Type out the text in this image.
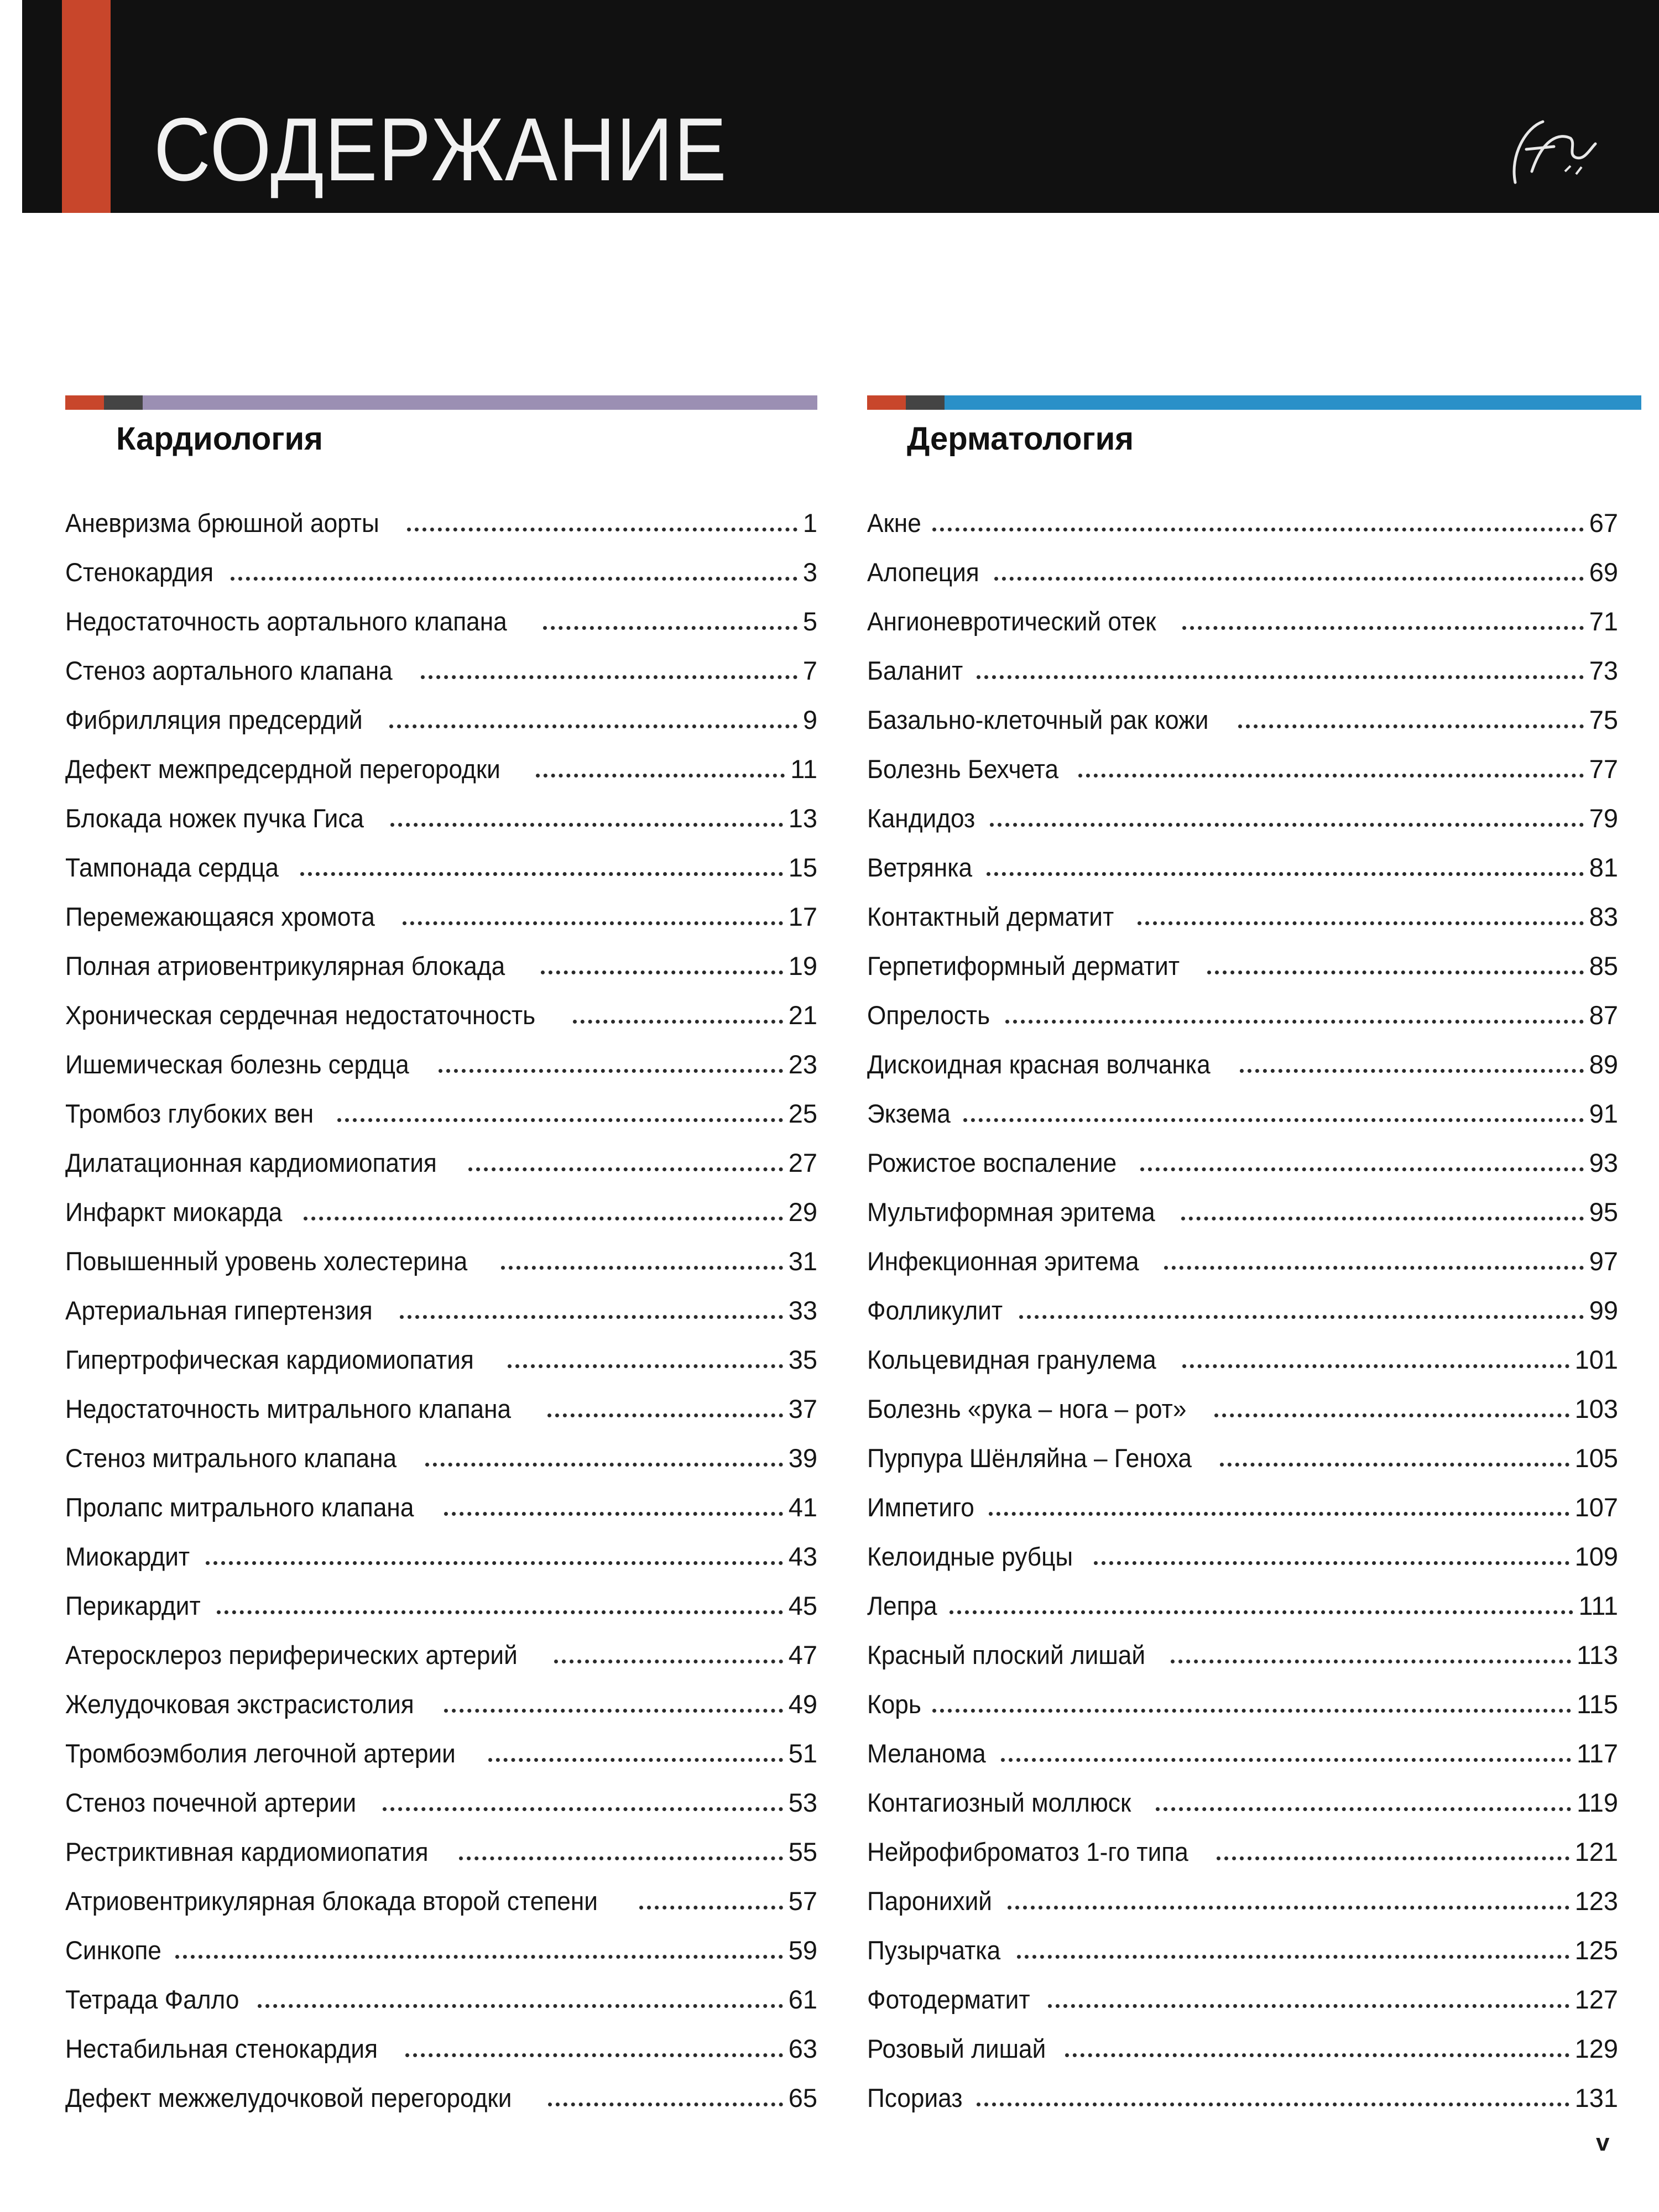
СОДЕРЖАНИЕ
Кардиология
Аневризма брюшной аорты	1
Стенокардия	3
Недостаточность аортального клапана	5
Стеноз аортального клапана	7
Фибрилляция предсердий	9
Дефект межпредсердной перегородки	11
Блокада ножек пучка Гиса	13
Тампонада сердца	15
Перемежающаяся хромота	17
Полная атриовентрикулярная блокада	19
Хроническая сердечная недостаточность	21
Ишемическая болезнь сердца	23
Тромбоз глубоких вен	25
Дилатационная кардиомиопатия	27
Инфаркт миокарда	29
Повышенный уровень холестерина	31
Артериальная гипертензия	33
Гипертрофическая кардиомиопатия	35
Недостаточность митрального клапана	37
Стеноз митрального клапана	39
Пролапс митрального клапана	41
Миокардит	43
Перикардит	45
Атеросклероз периферических артерий	47
Желудочковая экстрасистолия	49
Тромбоэмболия легочной артерии	51
Стеноз почечной артерии	53
Рестриктивная кардиомиопатия	55
Атриовентрикулярная блокада второй степени	57
Синкопе	59
Тетрада Фалло	61
Нестабильная стенокардия	63
Дефект межжелудочковой перегородки	65
Дерматология
Акне	67
Алопеция	69
Ангионевротический отек	71
Баланит	73
Базально-клеточный рак кожи	75
Болезнь Бехчета	77
Кандидоз	79
Ветрянка	81
Контактный дерматит	83
Герпетиформный дерматит	85
Опрелость	87
Дискоидная красная волчанка	89
Экзема	91
Рожистое воспаление	93
Мультиформная эритема	95
Инфекционная эритема	97
Фолликулит	99
Кольцевидная гранулема	101
Болезнь «рука – нога – рот»	103
Пурпура Шёнляйна – Геноха	105
Импетиго	107
Келоидные рубцы	109
Лепра	111
Красный плоский лишай	113
Корь	115
Меланома	117
Контагиозный моллюск	119
Нейрофиброматоз 1-го типа	121
Паронихий	123
Пузырчатка	125
Фотодерматит	127
Розовый лишай	129
Псориаз	131
v
